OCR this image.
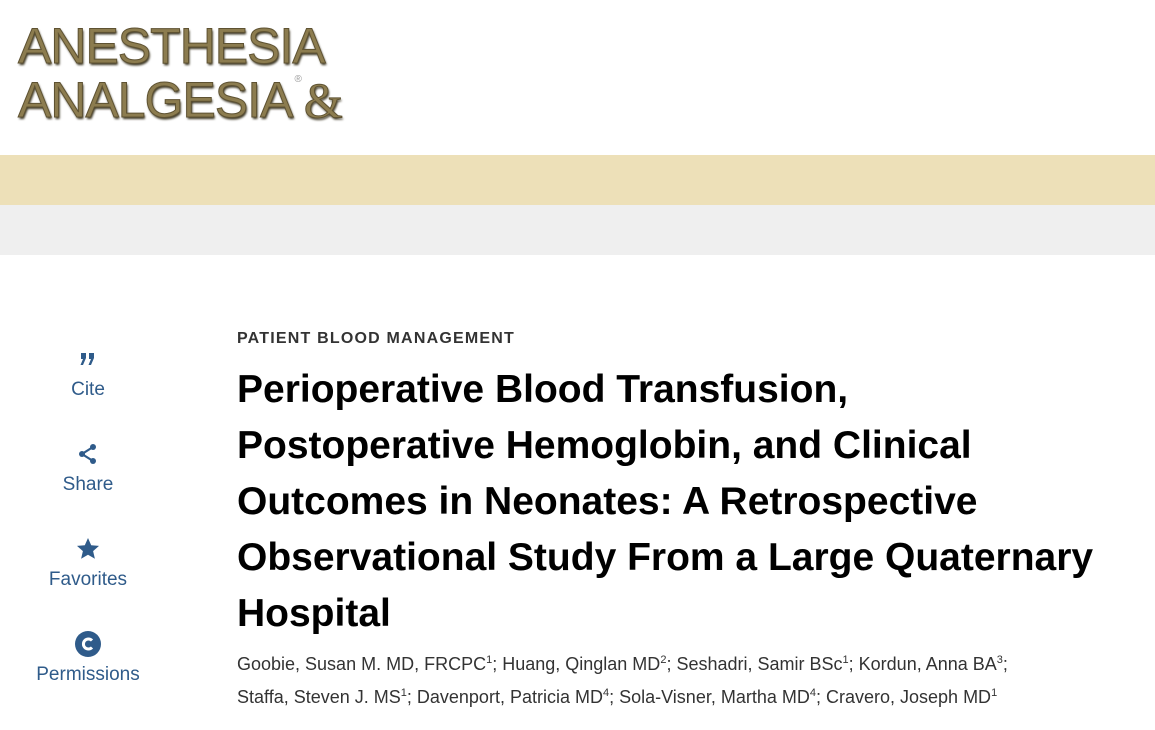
ANESTHESIA
ANALGESIA ®&
Cite
Share
Favorites
Permissions
PATIENT BLOOD MANAGEMENT
Perioperative Blood Transfusion,
Postoperative Hemoglobin, and Clinical
Outcomes in Neonates: A Retrospective
Observational Study From a Large Quaternary
Hospital
Goobie, Susan M. MD, FRCPC$^1$; Huang, Qinglan $MD^2$; Seshadri, Samir BSc$^1$; Kordun, Anna $BA^3$;
Staffa, Steven J. $MS^1$; Davenport, Patricia $MD^4$; Sola-Visner, Martha $MD^4$; Cravero, Joseph $MD^1$
